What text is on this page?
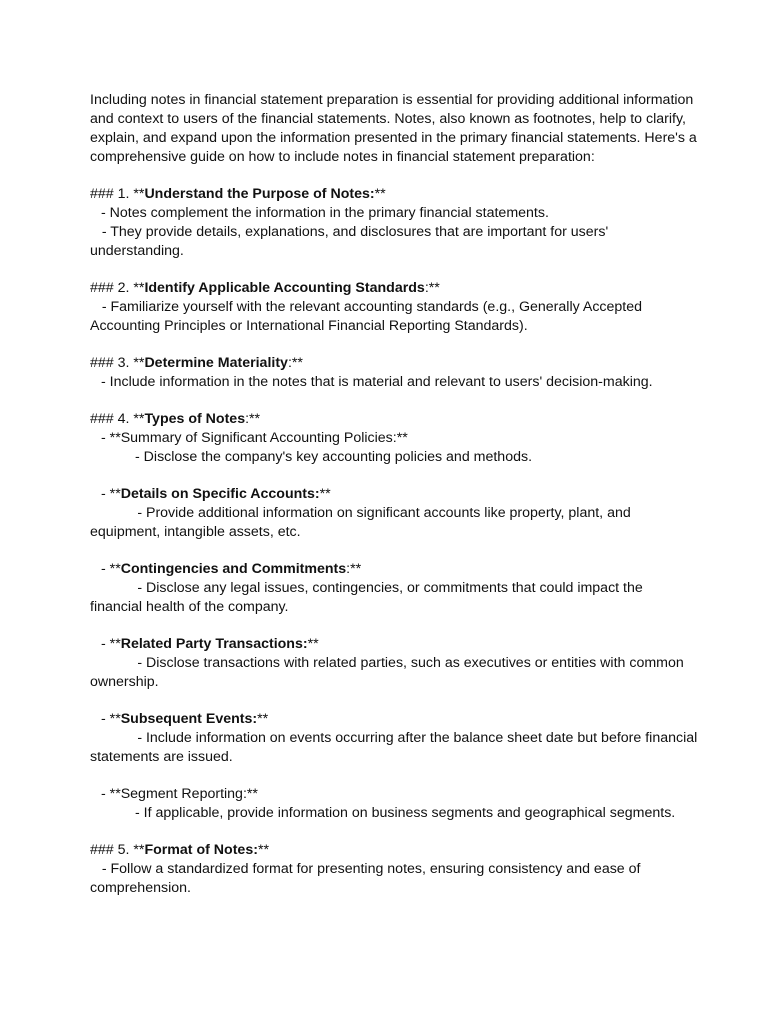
Including notes in financial statement preparation is essential for providing additional information and context to users of the financial statements. Notes, also known as footnotes, help to clarify, explain, and expand upon the information presented in the primary financial statements. Here's a comprehensive guide on how to include notes in financial statement preparation:

### 1. **Understand the Purpose of Notes:**
- Notes complement the information in the primary financial statements.
- They provide details, explanations, and disclosures that are important for users' understanding.
### 2. **Identify Applicable Accounting Standards:**
- Familiarize yourself with the relevant accounting standards (e.g., Generally Accepted Accounting Principles or International Financial Reporting Standards).
### 3. **Determine Materiality:**
- Include information in the notes that is material and relevant to users' decision-making.
### 4. **Types of Notes:**
- **Summary of Significant Accounting Policies:**
- Disclose the company's key accounting policies and methods.
- **Details on Specific Accounts:**
- Provide additional information on significant accounts like property, plant, and equipment, intangible assets, etc.
- **Contingencies and Commitments:**
- Disclose any legal issues, contingencies, or commitments that could impact the financial health of the company.
- **Related Party Transactions:**
- Disclose transactions with related parties, such as executives or entities with common ownership.
- **Subsequent Events:**
- Include information on events occurring after the balance sheet date but before financial statements are issued.
- **Segment Reporting:**
- If applicable, provide information on business segments and geographical segments.
### 5. **Format of Notes:**
- Follow a standardized format for presenting notes, ensuring consistency and ease of comprehension.
